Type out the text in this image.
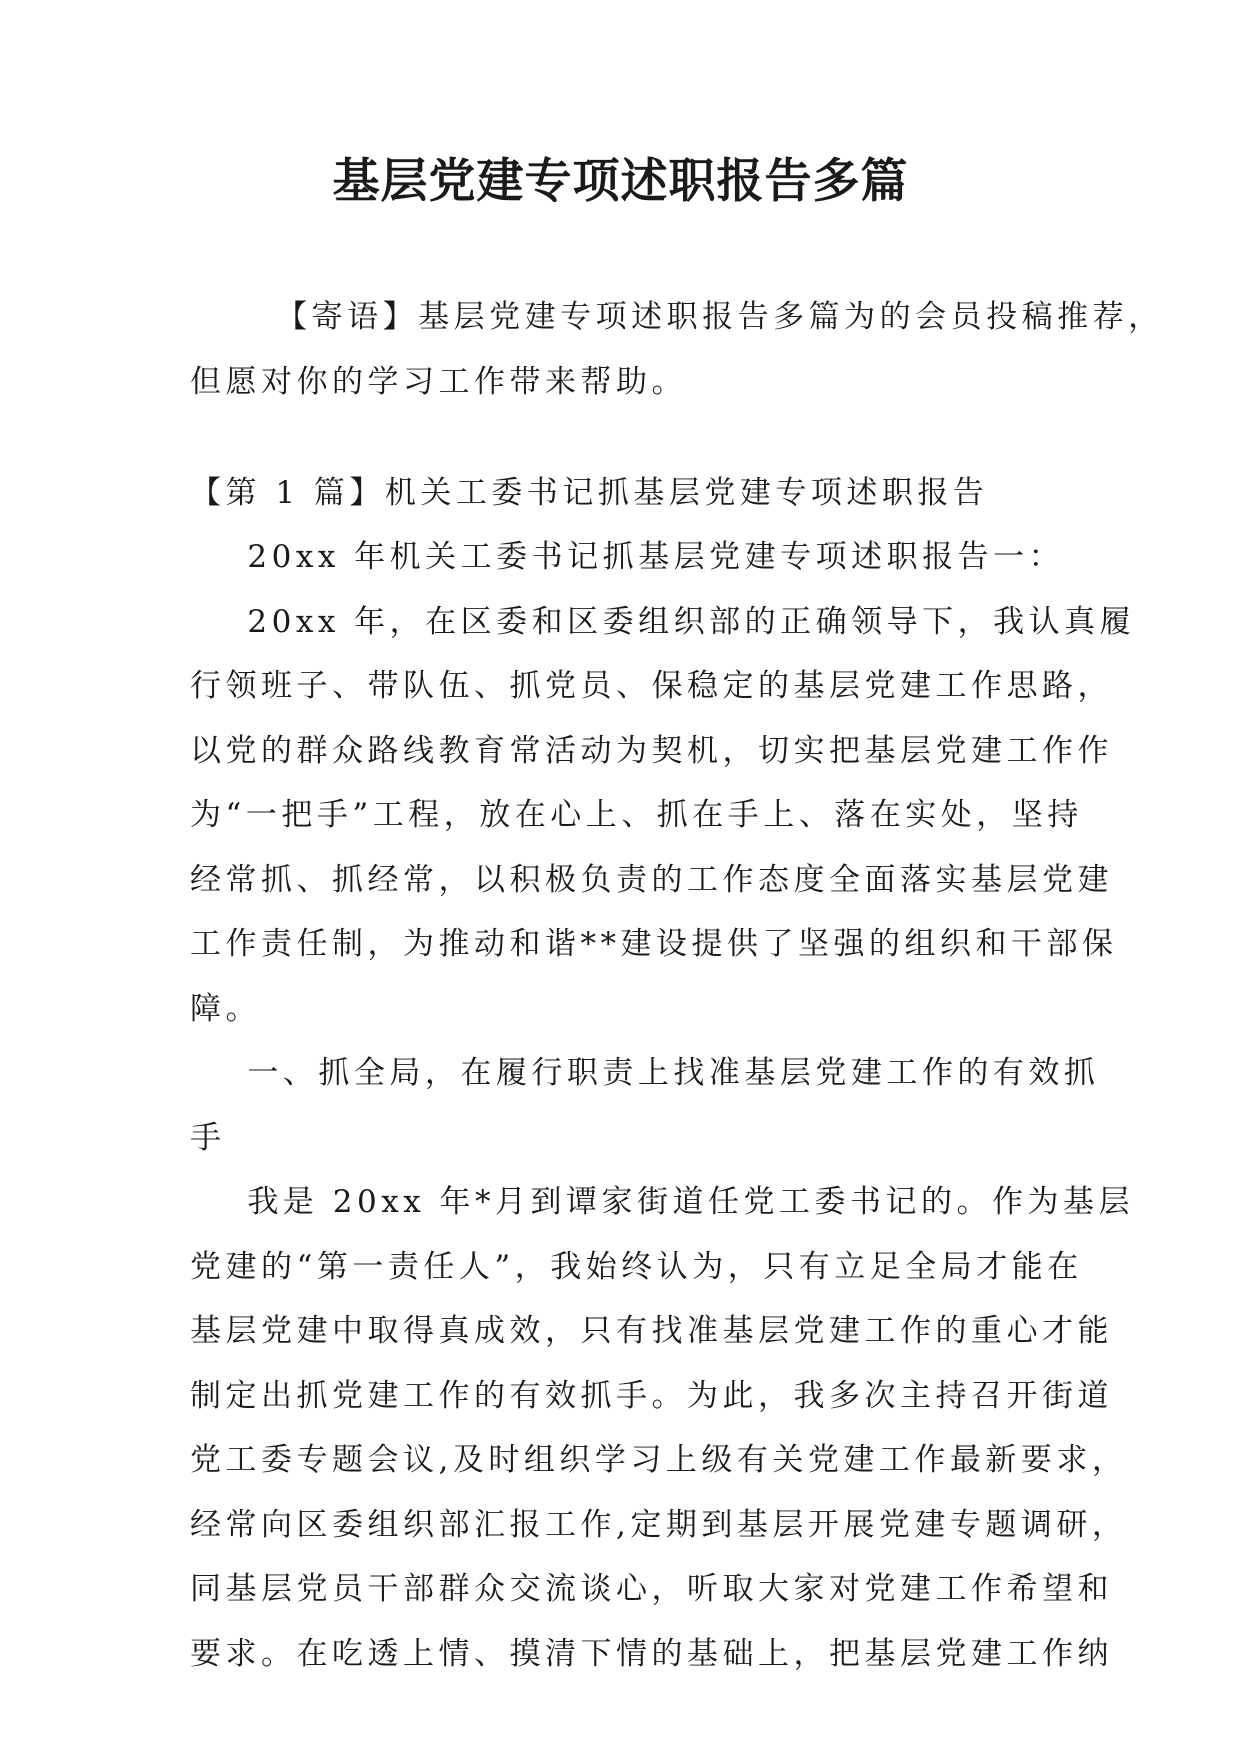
基层党建专项述职报告多篇

【寄语】基层党建专项述职报告多篇为的会员投稿推荐，
但愿对你的学习工作带来帮助。

【第 1 篇】机关工委书记抓基层党建专项述职报告

20xx 年机关工委书记抓基层党建专项述职报告一：
20xx 年，在区委和区委组织部的正确领导下，我认真履
行领班子、带队伍、抓党员、保稳定的基层党建工作思路，
以党的群众路线教育常活动为契机，切实把基层党建工作作
为“一把手”工程，放在心上、抓在手上、落在实处，坚持
经常抓、抓经常，以积极负责的工作态度全面落实基层党建
工作责任制，为推动和谐**建设提供了坚强的组织和干部保
障。
一、抓全局，在履行职责上找准基层党建工作的有效抓
手
我是 20xx 年*月到谭家街道任党工委书记的。作为基层
党建的“第一责任人”，我始终认为，只有立足全局才能在
基层党建中取得真成效，只有找准基层党建工作的重心才能
制定出抓党建工作的有效抓手。为此，我多次主持召开街道
党工委专题会议,及时组织学习上级有关党建工作最新要求，
经常向区委组织部汇报工作,定期到基层开展党建专题调研，
同基层党员干部群众交流谈心，听取大家对党建工作希望和
要求。在吃透上情、摸清下情的基础上，把基层党建工作纳
